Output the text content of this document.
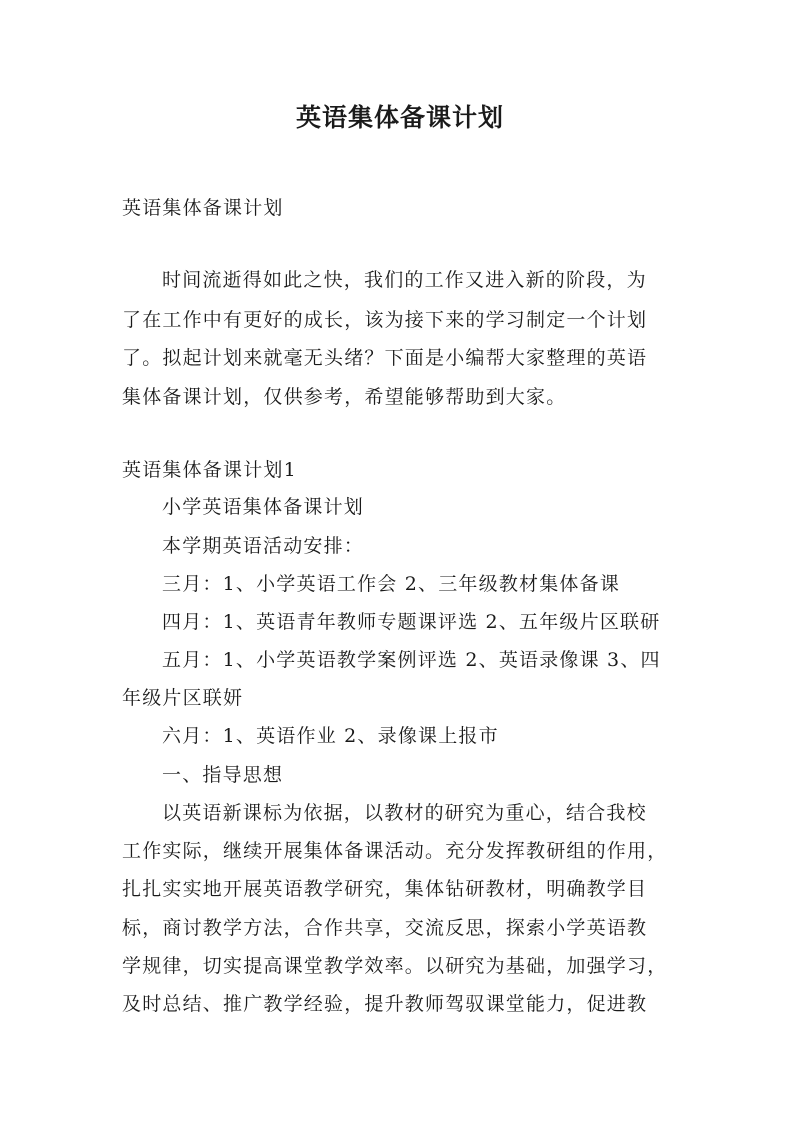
英语集体备课计划
英语集体备课计划
时间流逝得如此之快，我们的工作又进入新的阶段，为
了在工作中有更好的成长，该为接下来的学习制定一个计划
了。拟起计划来就毫无头绪？下面是小编帮大家整理的英语
集体备课计划，仅供参考，希望能够帮助到大家。
英语集体备课计划1
小学英语集体备课计划
本学期英语活动安排：
三月：1、小学英语工作会 2、三年级教材集体备课
四月：1、英语青年教师专题课评选 2、五年级片区联研
五月：1、小学英语教学案例评选 2、英语录像课 3、四
年级片区联妍
六月：1、英语作业 2、录像课上报市
一、指导思想
以英语新课标为依据，以教材的研究为重心，结合我校
工作实际，继续开展集体备课活动。充分发挥教研组的作用，
扎扎实实地开展英语教学研究，集体钻研教材，明确教学目
标，商讨教学方法，合作共享，交流反思，探索小学英语教
学规律，切实提高课堂教学效率。以研究为基础，加强学习，
及时总结、推广教学经验，提升教师驾驭课堂能力，促进教
